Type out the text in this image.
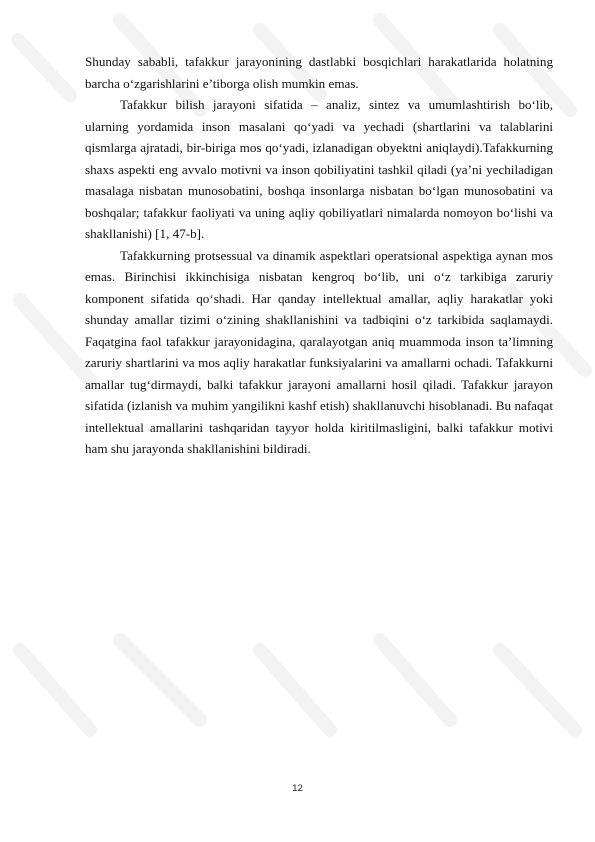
Shunday sababli, tafakkur jarayonining dastlabki bosqichlari harakatlarida holatning barcha o‘zgarishlarini e’tiborga olish mumkin emas.

Tafakkur bilish jarayoni sifatida – analiz, sintez va umumlashtirish bo‘lib, ularning yordamida inson masalani qo‘yadi va yechadi (shartlarini va talablarini qismlarga ajratadi, bir-biriga mos qo‘yadi, izlanadigan obyektni aniqlaydi).Tafakkurning shaxs aspekti eng avvalo motivni va inson qobiliyatini tashkil qiladi (ya’ni yechiladigan masalaga nisbatan munosobatini, boshqa insonlarga nisbatan bo‘lgan munosobatini va boshqalar; tafakkur faoliyati va uning aqliy qobiliyatlari nimalarda nomoyon bo‘lishi va shakllanishi) [1, 47-b].

Tafakkurning protsessual va dinamik aspektlari operatsional aspektiga aynan mos emas. Birinchisi ikkinchisiga nisbatan kengroq bo‘lib, uni o‘z tarkibiga zaruriy komponent sifatida qo‘shadi. Har qanday intellektual amallar, aqliy harakatlar yoki shunday amallar tizimi o‘zining shakllanishini va tadbiqini o‘z tarkibida saqlamaydi. Faqatgina faol tafakkur jarayonidagina, qaralayotgan aniq muammoda inson ta’limning zaruriy shartlarini va mos aqliy harakatlar funksiyalarini va amallarni ochadi. Tafakkurni amallar tug‘dirmaydi, balki tafakkur jarayoni amallarni hosil qiladi. Tafakkur jarayon sifatida (izlanish va muhim yangilikni kashf etish) shakllanuvchi hisoblanadi. Bu nafaqat intellektual amallarini tashqaridan tayyor holda kiritilmasligini, balki tafakkur motivi ham shu jarayonda shakllanishini bildiradi.

12
